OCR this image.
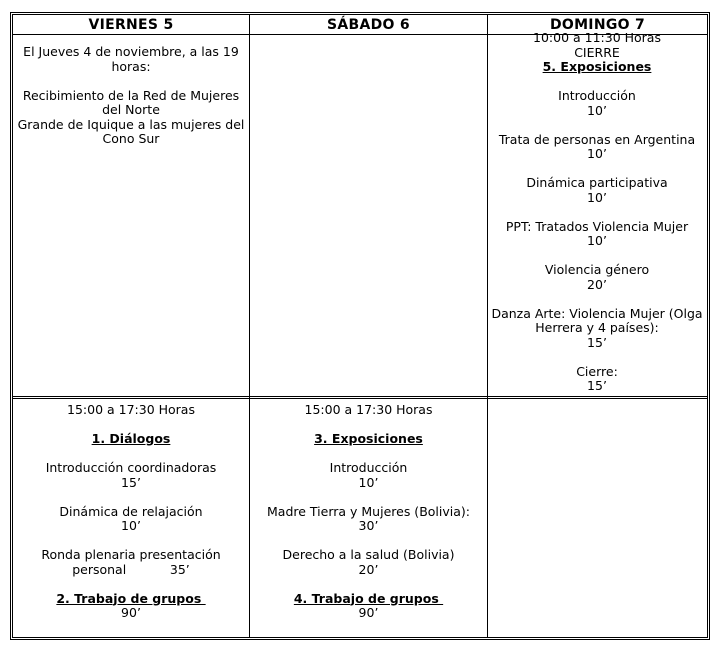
VIERNES 5	SÁBADO 6	DOMINGO 7

El Jueves 4 de noviembre, a las 19 horas:

Recibimiento de la Red de Mujeres del Norte

Grande de Iquique a las mujeres del Cono Sur

10:00 a 11:30 Horas

CIERRE

5. Exposiciones

Introducción

10’

Trata de personas en Argentina

10’

Dinámica participativa

10’

PPT: Tratados Violencia Mujer

10’

Violencia género

20’

Danza Arte: Violencia Mujer (Olga Herrera y 4 países):

15’

Cierre:

15’

15:00 a 17:30 Horas

1. Diálogos

Introducción coordinadoras

15’

Dinámica de relajación

10’

Ronda plenaria presentación

personal           35’

2. Trabajo de grupos

90’

15:00 a 17:30 Horas

3. Exposiciones

Introducción

10’

Madre Tierra y Mujeres (Bolivia):

30’

Derecho a la salud (Bolivia)

20’

4. Trabajo de grupos

90’
